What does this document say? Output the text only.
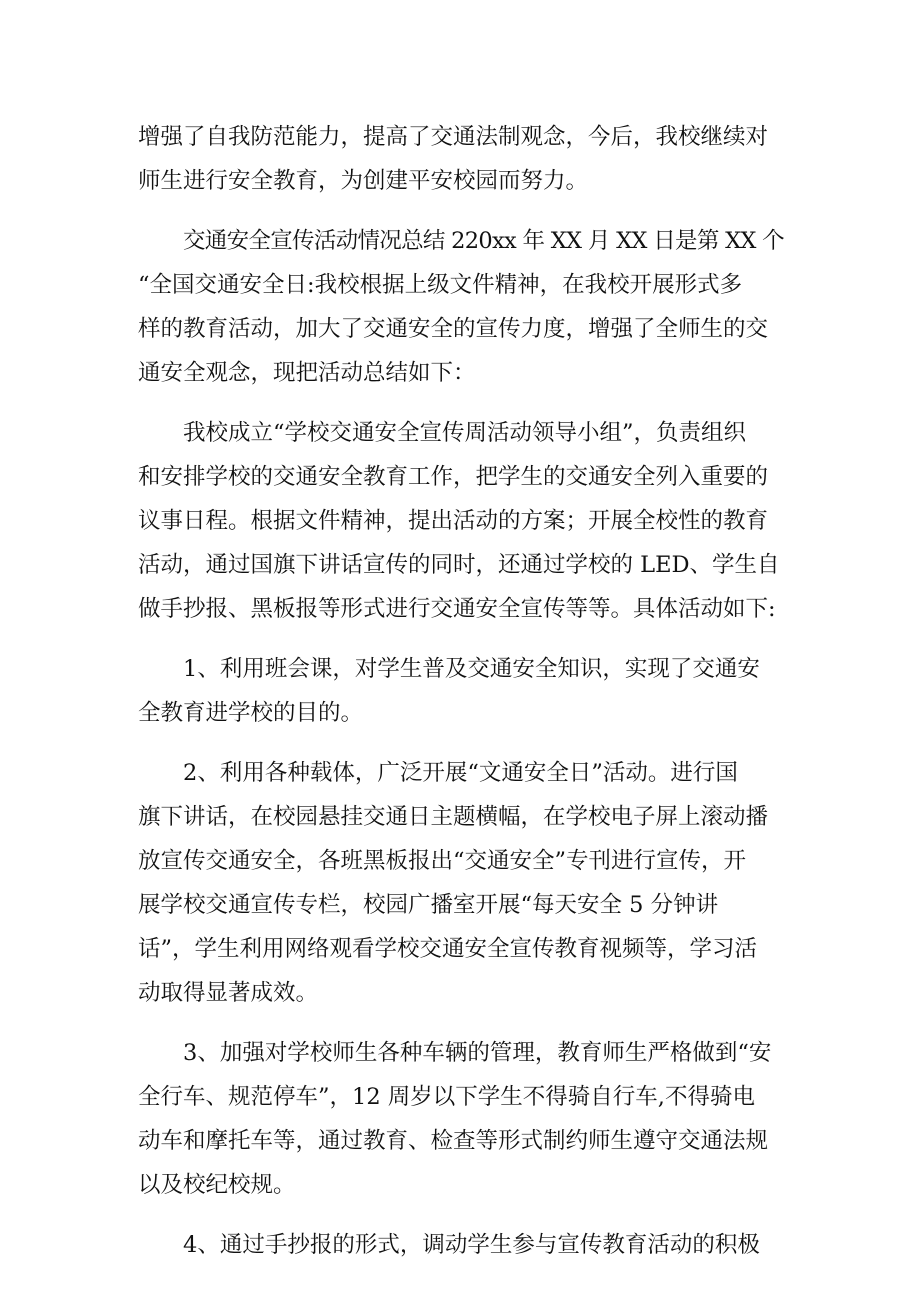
增强了自我防范能力，提高了交通法制观念，今后，我校继续对
师生进行安全教育，为创建平安校园而努力。

交通安全宣传活动情况总结 220xx 年 XX 月 XX 日是第 XX 个
“全国交通安全日:我校根据上级文件精神，在我校开展形式多
样的教育活动，加大了交通安全的宣传力度，增强了全师生的交
通安全观念，现把活动总结如下：

我校成立“学校交通安全宣传周活动领导小组”，负责组织
和安排学校的交通安全教育工作，把学生的交通安全列入重要的
议事日程。根据文件精神，提出活动的方案；开展全校性的教育
活动，通过国旗下讲话宣传的同时，还通过学校的 LED、学生自
做手抄报、黑板报等形式进行交通安全宣传等等。具体活动如下:

1、利用班会课，对学生普及交通安全知识，实现了交通安
全教育进学校的目的。

2、利用各种载体，广泛开展“文通安全日”活动。进行国
旗下讲话，在校园悬挂交通日主题横幅，在学校电子屏上滚动播
放宣传交通安全，各班黑板报出“交通安全”专刊进行宣传，开
展学校交通宣传专栏，校园广播室开展“每天安全 5 分钟讲
话”，学生利用网络观看学校交通安全宣传教育视频等，学习活
动取得显著成效。

3、加强对学校师生各种车辆的管理，教育师生严格做到“安
全行车、规范停车”，12 周岁以下学生不得骑自行车,不得骑电
动车和摩托车等，通过教育、检查等形式制约师生遵守交通法规
以及校纪校规。

4、通过手抄报的形式，调动学生参与宣传教育活动的积极
